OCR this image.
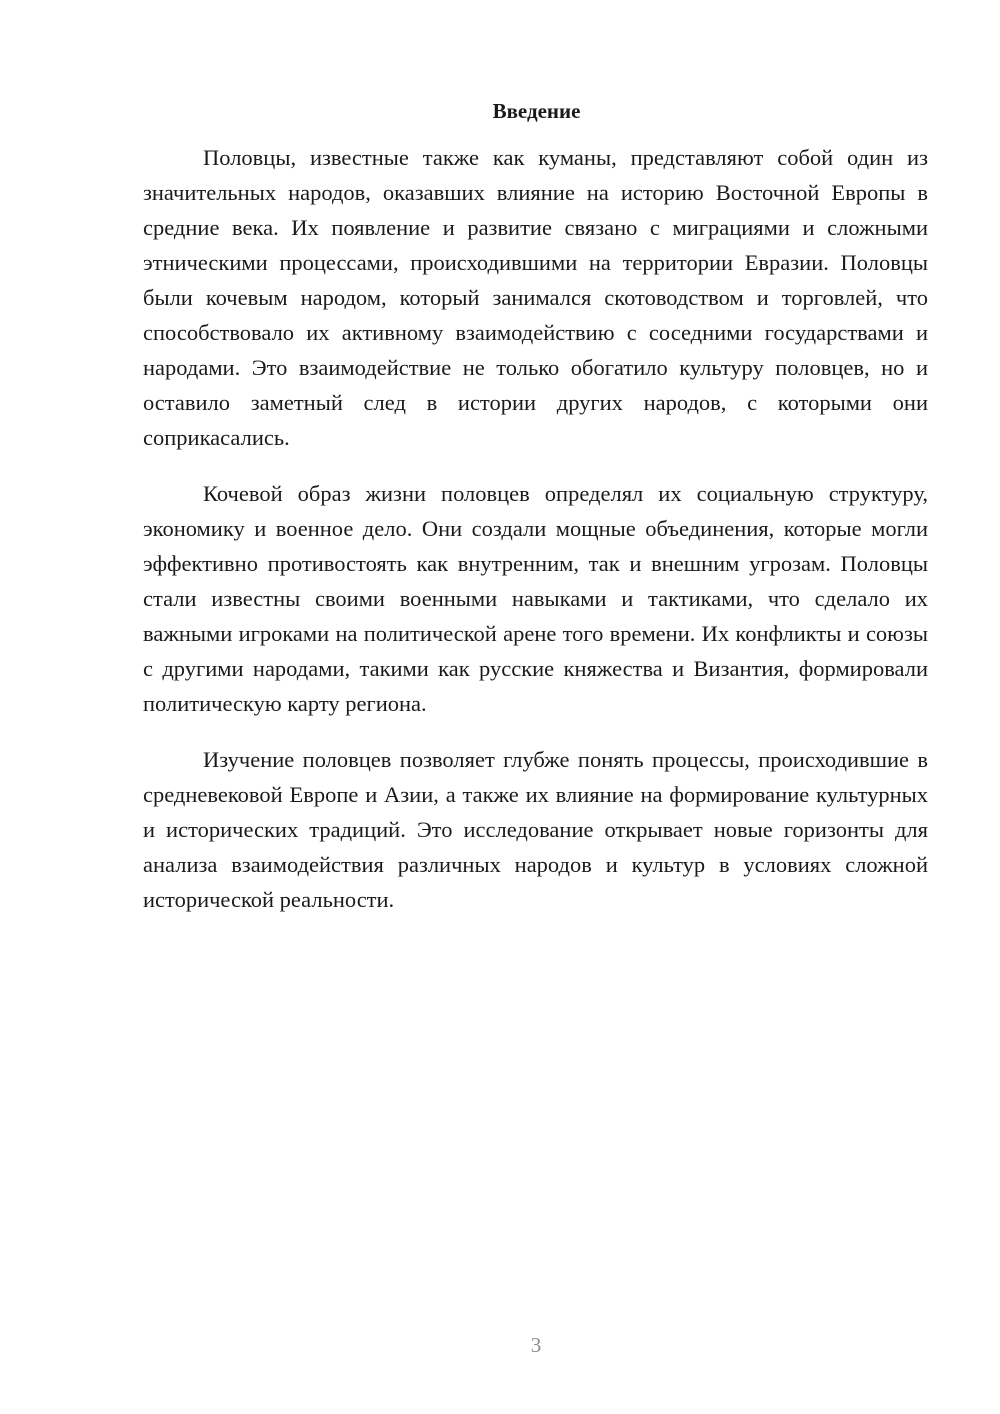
Введение

Половцы, известные также как куманы, представляют собой один из значительных народов, оказавших влияние на историю Восточной Европы в средние века. Их появление и развитие связано с миграциями и сложными этническими процессами, происходившими на территории Евразии. Половцы были кочевым народом, который занимался скотоводством и торговлей, что способствовало их активному взаимодействию с соседними государствами и народами. Это взаимодействие не только обогатило культуру половцев, но и оставило заметный след в истории других народов, с которыми они соприкасались.

Кочевой образ жизни половцев определял их социальную структуру, экономику и военное дело. Они создали мощные объединения, которые могли эффективно противостоять как внутренним, так и внешним угрозам. Половцы стали известны своими военными навыками и тактиками, что сделало их важными игроками на политической арене того времени. Их конфликты и союзы с другими народами, такими как русские княжества и Византия, формировали политическую карту региона.

Изучение половцев позволяет глубже понять процессы, происходившие в средневековой Европе и Азии, а также их влияние на формирование культурных и исторических традиций. Это исследование открывает новые горизонты для анализа взаимодействия различных народов и культур в условиях сложной исторической реальности.

3
